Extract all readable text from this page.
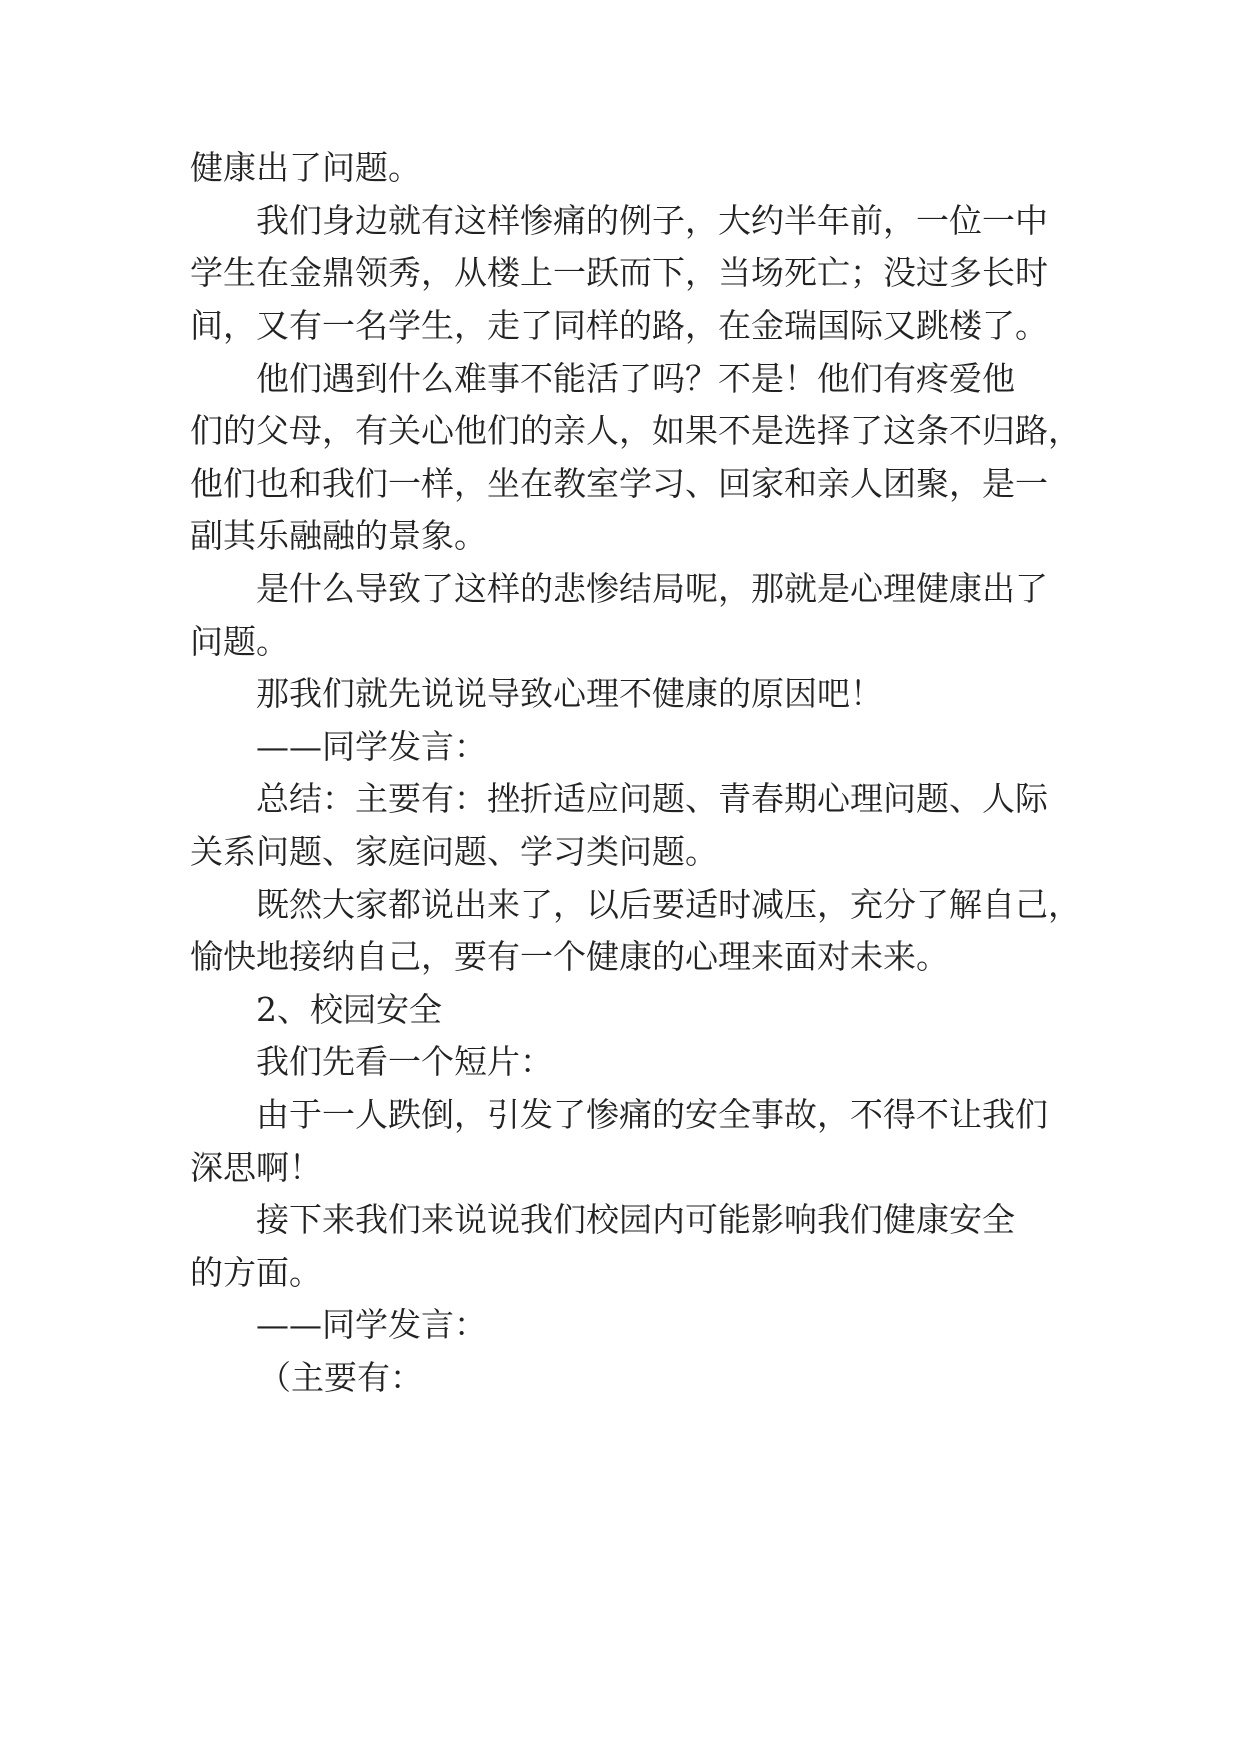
健康出了问题。
我们身边就有这样惨痛的例子，大约半年前，一位一中
学生在金鼎领秀，从楼上一跃而下，当场死亡；没过多长时
间，又有一名学生，走了同样的路，在金瑞国际又跳楼了。
他们遇到什么难事不能活了吗？不是！他们有疼爱他
们的父母，有关心他们的亲人，如果不是选择了这条不归路，
他们也和我们一样，坐在教室学习、回家和亲人团聚，是一
副其乐融融的景象。
是什么导致了这样的悲惨结局呢，那就是心理健康出了
问题。
那我们就先说说导致心理不健康的原因吧！
——同学发言：
总结：主要有：挫折适应问题、青春期心理问题、人际
关系问题、家庭问题、学习类问题。
既然大家都说出来了，以后要适时减压，充分了解自己，
愉快地接纳自己，要有一个健康的心理来面对未来。
2、校园安全
我们先看一个短片：
由于一人跌倒，引发了惨痛的安全事故，不得不让我们
深思啊！
接下来我们来说说我们校园内可能影响我们健康安全
的方面。
——同学发言：
（主要有：
